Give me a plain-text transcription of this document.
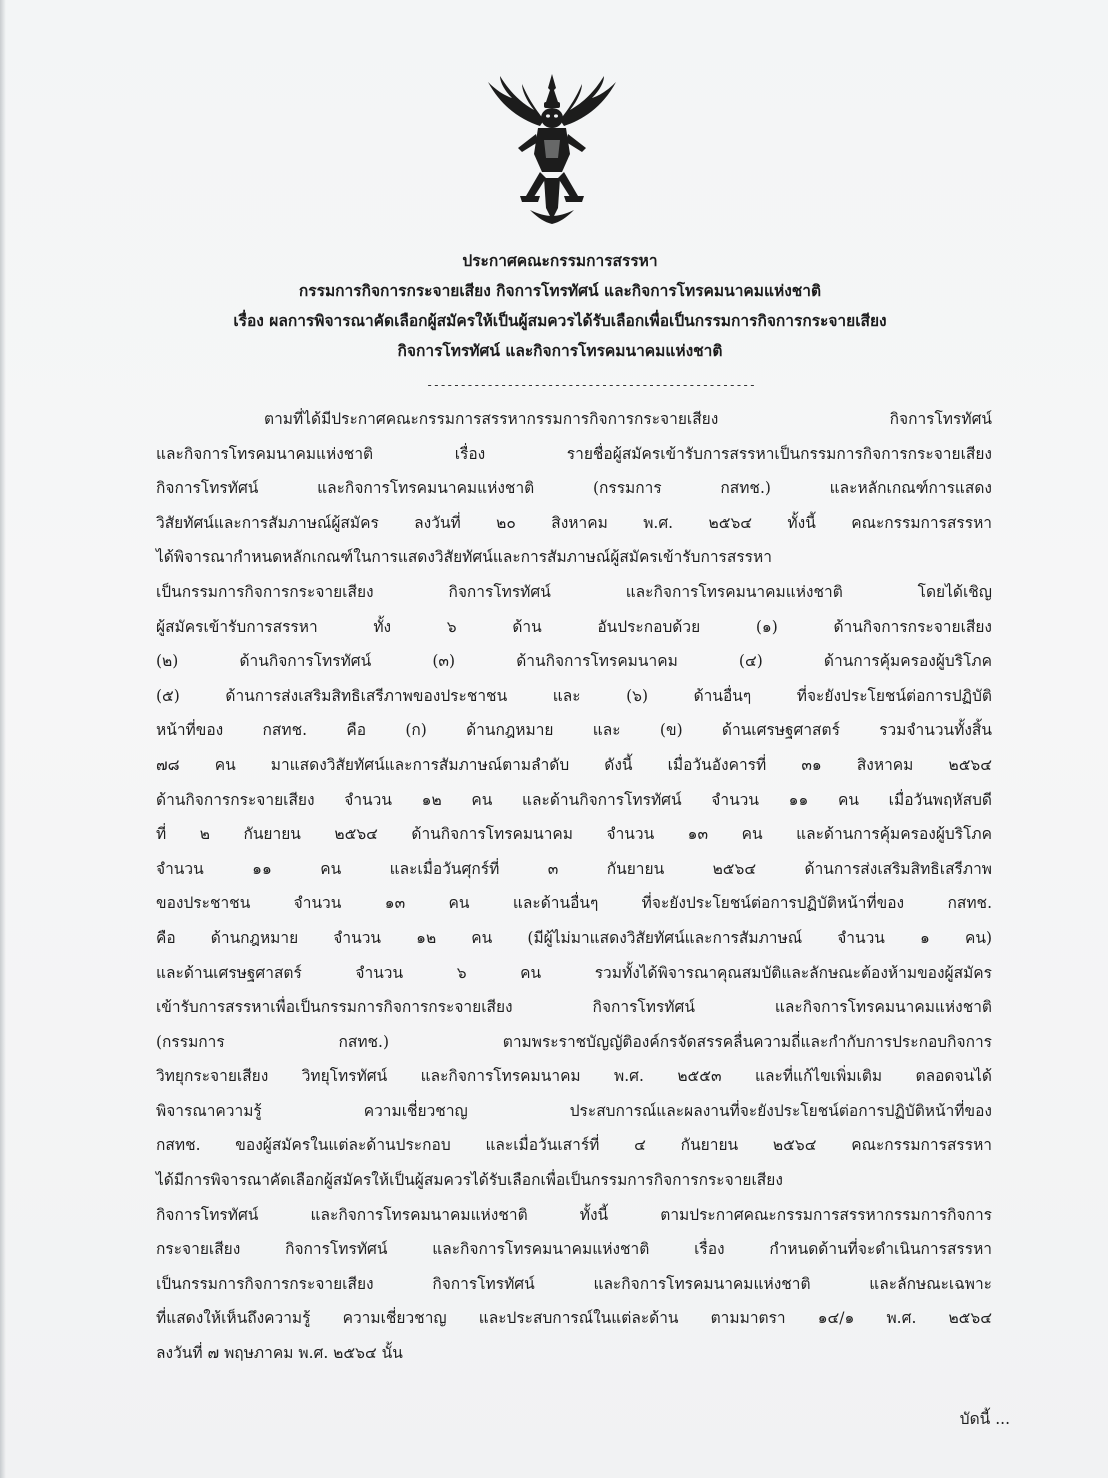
ประกาศคณะกรรมการสรรหา
กรรมการกิจการกระจายเสียง กิจการโทรทัศน์ และกิจการโทรคมนาคมแห่งชาติ
เรื่อง ผลการพิจารณาคัดเลือกผู้สมัครให้เป็นผู้สมควรได้รับเลือกเพื่อเป็นกรรมการกิจการกระจายเสียง
กิจการโทรทัศน์ และกิจการโทรคมนาคมแห่งชาติ
-------------------------------------------------
ตามที่ได้มีประกาศคณะกรรมการสรรหากรรมการกิจการกระจายเสียง กิจการโทรทัศน์
และกิจการโทรคมนาคมแห่งชาติ เรื่อง รายชื่อผู้สมัครเข้ารับการสรรหาเป็นกรรมการกิจการกระจายเสียง
กิจการโทรทัศน์ และกิจการโทรคมนาคมแห่งชาติ (กรรมการ กสทช.) และหลักเกณฑ์การแสดง
วิสัยทัศน์และการสัมภาษณ์ผู้สมัคร ลงวันที่ ๒๐ สิงหาคม พ.ศ. ๒๕๖๔ ทั้งนี้ คณะกรรมการสรรหา
ได้พิจารณากำหนดหลักเกณฑ์ในการแสดงวิสัยทัศน์และการสัมภาษณ์ผู้สมัครเข้ารับการสรรหา
เป็นกรรมการกิจการกระจายเสียง กิจการโทรทัศน์ และกิจการโทรคมนาคมแห่งชาติ โดยได้เชิญ
ผู้สมัครเข้ารับการสรรหา ทั้ง ๖ ด้าน อันประกอบด้วย (๑) ด้านกิจการกระจายเสียง
(๒) ด้านกิจการโทรทัศน์ (๓) ด้านกิจการโทรคมนาคม (๔) ด้านการคุ้มครองผู้บริโภค
(๕) ด้านการส่งเสริมสิทธิเสรีภาพของประชาชน และ (๖) ด้านอื่นๆ ที่จะยังประโยชน์ต่อการปฏิบัติ
หน้าที่ของ กสทช. คือ (ก) ด้านกฎหมาย และ (ข) ด้านเศรษฐศาสตร์ รวมจำนวนทั้งสิ้น
๗๘ คน มาแสดงวิสัยทัศน์และการสัมภาษณ์ตามลำดับ ดังนี้ เมื่อวันอังคารที่ ๓๑ สิงหาคม ๒๕๖๔
ด้านกิจการกระจายเสียง จำนวน ๑๒ คน และด้านกิจการโทรทัศน์ จำนวน ๑๑ คน เมื่อวันพฤหัสบดี
ที่ ๒ กันยายน ๒๕๖๔ ด้านกิจการโทรคมนาคม จำนวน ๑๓ คน และด้านการคุ้มครองผู้บริโภค
จำนวน ๑๑ คน และเมื่อวันศุกร์ที่ ๓ กันยายน ๒๕๖๔ ด้านการส่งเสริมสิทธิเสรีภาพ
ของประชาชน จำนวน ๑๓ คน และด้านอื่นๆ ที่จะยังประโยชน์ต่อการปฏิบัติหน้าที่ของ กสทช.
คือ ด้านกฎหมาย จำนวน ๑๒ คน (มีผู้ไม่มาแสดงวิสัยทัศน์และการสัมภาษณ์ จำนวน ๑ คน)
และด้านเศรษฐศาสตร์ จำนวน ๖ คน รวมทั้งได้พิจารณาคุณสมบัติและลักษณะต้องห้ามของผู้สมัคร
เข้ารับการสรรหาเพื่อเป็นกรรมการกิจการกระจายเสียง กิจการโทรทัศน์ และกิจการโทรคมนาคมแห่งชาติ
(กรรมการ กสทช.) ตามพระราชบัญญัติองค์กรจัดสรรคลื่นความถี่และกำกับการประกอบกิจการ
วิทยุกระจายเสียง วิทยุโทรทัศน์ และกิจการโทรคมนาคม พ.ศ. ๒๕๕๓ และที่แก้ไขเพิ่มเติม ตลอดจนได้
พิจารณาความรู้ ความเชี่ยวชาญ ประสบการณ์และผลงานที่จะยังประโยชน์ต่อการปฏิบัติหน้าที่ของ
กสทช. ของผู้สมัครในแต่ละด้านประกอบ และเมื่อวันเสาร์ที่ ๔ กันยายน ๒๕๖๔ คณะกรรมการสรรหา
ได้มีการพิจารณาคัดเลือกผู้สมัครให้เป็นผู้สมควรได้รับเลือกเพื่อเป็นกรรมการกิจการกระจายเสียง
กิจการโทรทัศน์ และกิจการโทรคมนาคมแห่งชาติ ทั้งนี้ ตามประกาศคณะกรรมการสรรหากรรมการกิจการ
กระจายเสียง กิจการโทรทัศน์ และกิจการโทรคมนาคมแห่งชาติ เรื่อง กำหนดด้านที่จะดำเนินการสรรหา
เป็นกรรมการกิจการกระจายเสียง กิจการโทรทัศน์ และกิจการโทรคมนาคมแห่งชาติ และลักษณะเฉพาะ
ที่แสดงให้เห็นถึงความรู้ ความเชี่ยวชาญ และประสบการณ์ในแต่ละด้าน ตามมาตรา ๑๔/๑ พ.ศ. ๒๕๖๔
ลงวันที่ ๗ พฤษภาคม พ.ศ. ๒๕๖๔ นั้น
บัดนี้ ...
